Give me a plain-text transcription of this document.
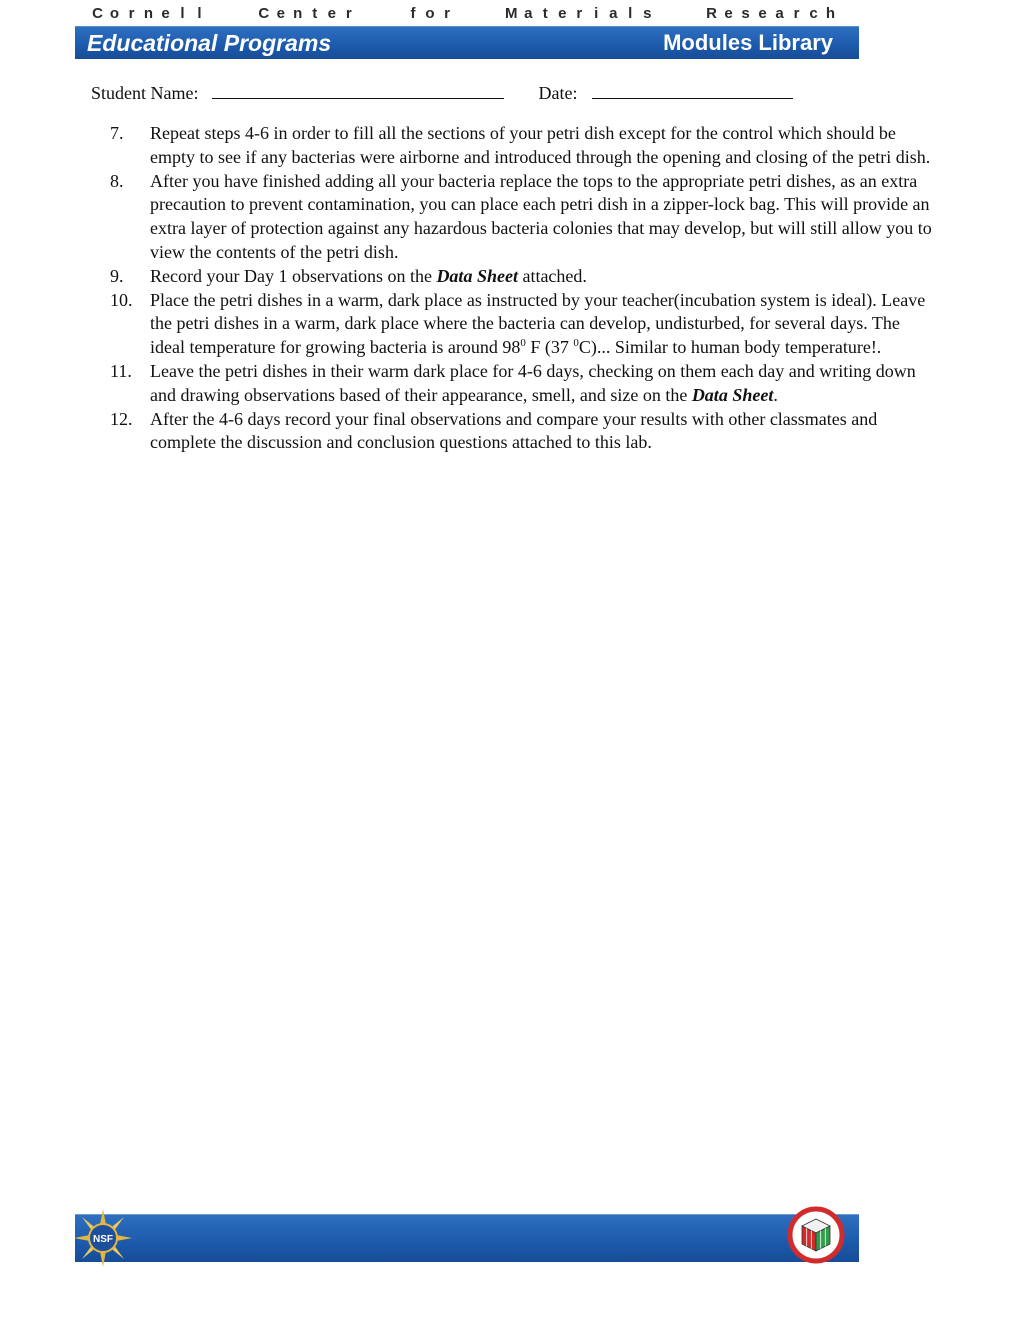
C o r n e l l	C e n t e r	f o r	M a t e r i a l s	R e s e a r c h
Educational Programs	Modules Library
Student Name:	Date:
7.	Repeat steps 4-6 in order to fill all the sections of your petri dish except for the control which should be empty to see if any bacterias were airborne and introduced through the opening and closing of the petri dish.
8.	After you have finished adding all your bacteria replace the tops to the appropriate petri dishes, as an extra precaution to prevent contamination, you can place each petri dish in a zipper-lock bag. This will provide an extra layer of protection against any hazardous bacteria colonies that may develop, but will still allow you to view the contents of the petri dish.
9.	Record your Day 1 observations on the Data Sheet attached.
10. Place the petri dishes in a warm, dark place as instructed by your teacher(incubation system is ideal). Leave the petri dishes in a warm, dark place where the bacteria can develop, undisturbed, for several days. The ideal temperature for growing bacteria is around $98^0$ F (37 $^0$C)... Similar to human body temperature!.
11.	Leave the petri dishes in their warm dark place for 4-6 days, checking on them each day and writing down and drawing observations based of their appearance, smell, and size on the Data Sheet.
12. After the 4-6 days record your final observations and compare your results with other classmates and complete the discussion and conclusion questions attached to this lab.
NSF
